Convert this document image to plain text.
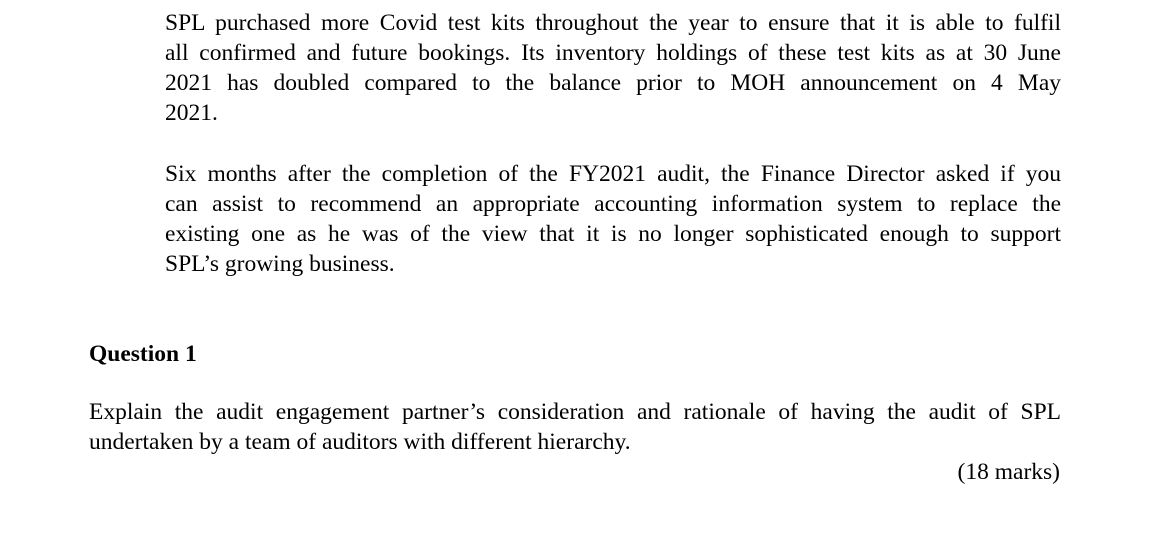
SPL purchased more Covid test kits throughout the year to ensure that it is able to fulfil
all confirmed and future bookings. Its inventory holdings of these test kits as at 30 June
2021 has doubled compared to the balance prior to MOH announcement on 4 May
2021.
Six months after the completion of the FY2021 audit, the Finance Director asked if you
can assist to recommend an appropriate accounting information system to replace the
existing one as he was of the view that it is no longer sophisticated enough to support
SPL’s growing business.
Question 1
Explain the audit engagement partner’s consideration and rationale of having the audit of SPL
undertaken by a team of auditors with different hierarchy.
(18 marks)
